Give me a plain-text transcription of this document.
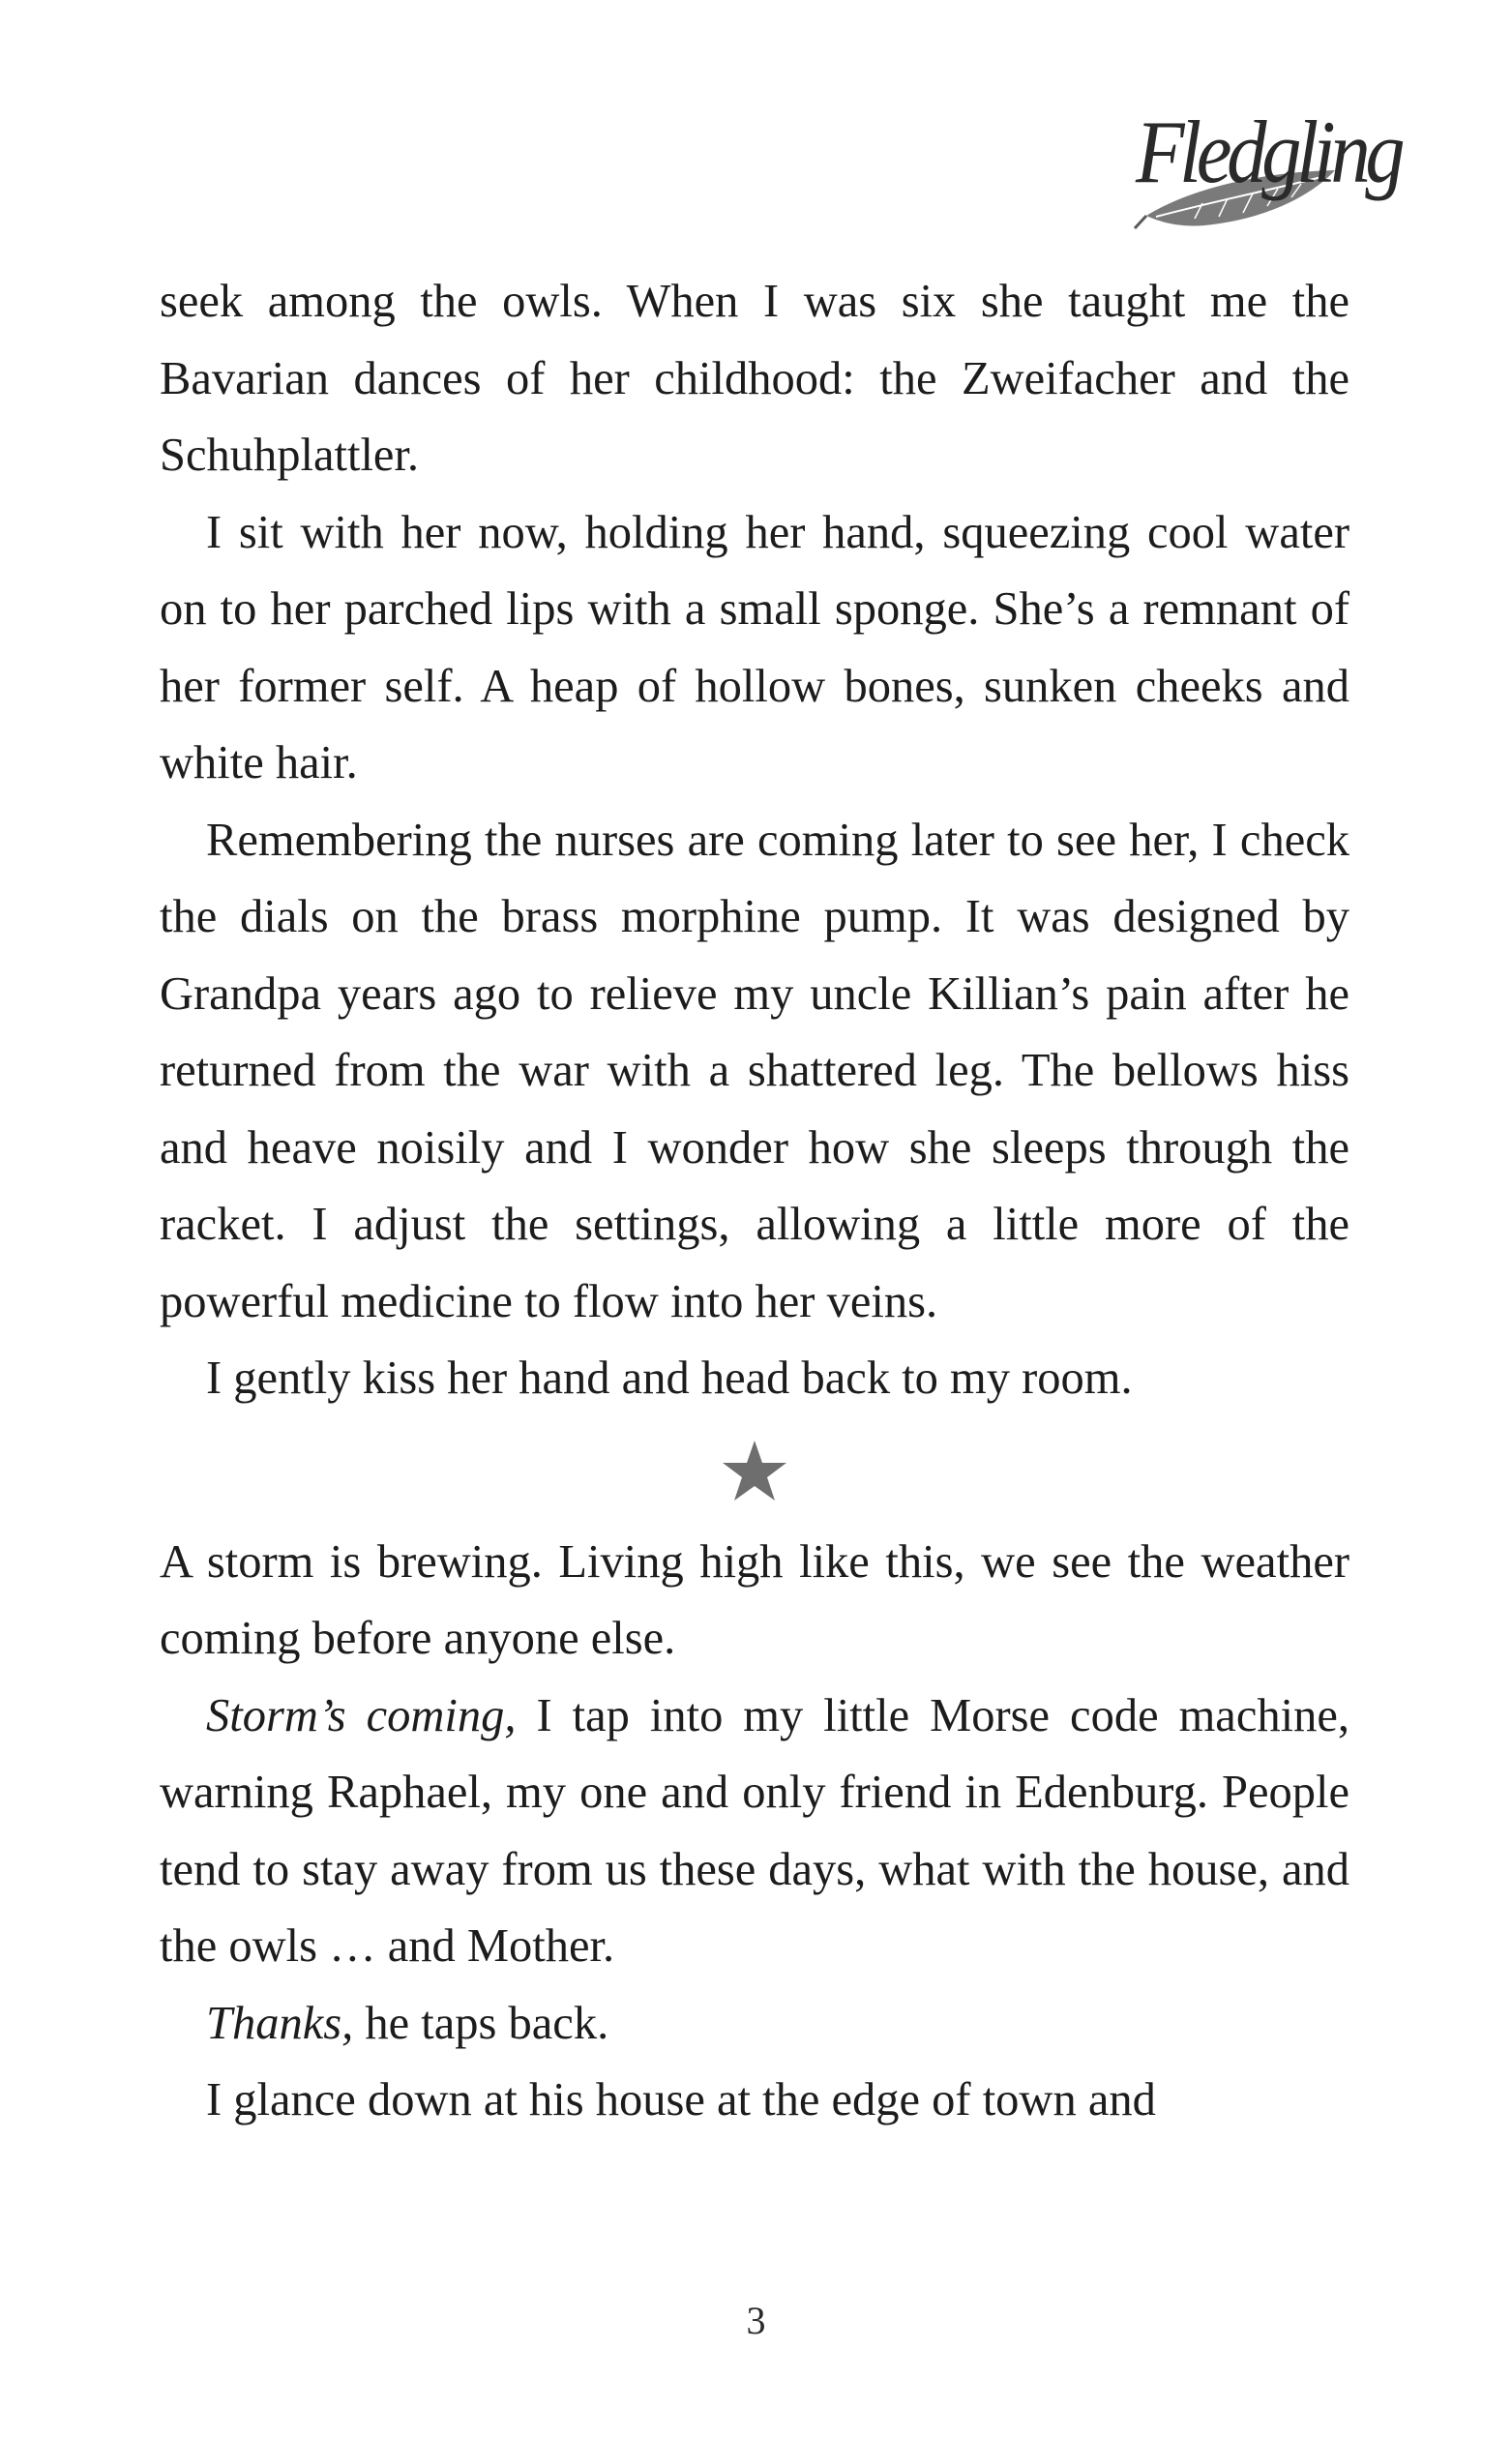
Fledgling

seek among the owls. When I was six she taught me the Bavarian dances of her childhood: the Zweifacher and the Schuhplattler.

I sit with her now, holding her hand, squeezing cool water on to her parched lips with a small sponge. She’s a remnant of her former self. A heap of hollow bones, sunken cheeks and white hair.

Remembering the nurses are coming later to see her, I check the dials on the brass morphine pump. It was designed by Grandpa years ago to relieve my uncle Killian’s pain after he returned from the war with a shattered leg. The bellows hiss and heave noisily and I wonder how she sleeps through the racket. I adjust the settings, allowing a little more of the powerful medicine to flow into her veins.

I gently kiss her hand and head back to my room.

A storm is brewing. Living high like this, we see the weather coming before anyone else.

Storm’s coming, I tap into my little Morse code machine, warning Raphael, my one and only friend in Edenburg. People tend to stay away from us these days, what with the house, and the owls … and Mother.

Thanks, he taps back.

I glance down at his house at the edge of town and

3
